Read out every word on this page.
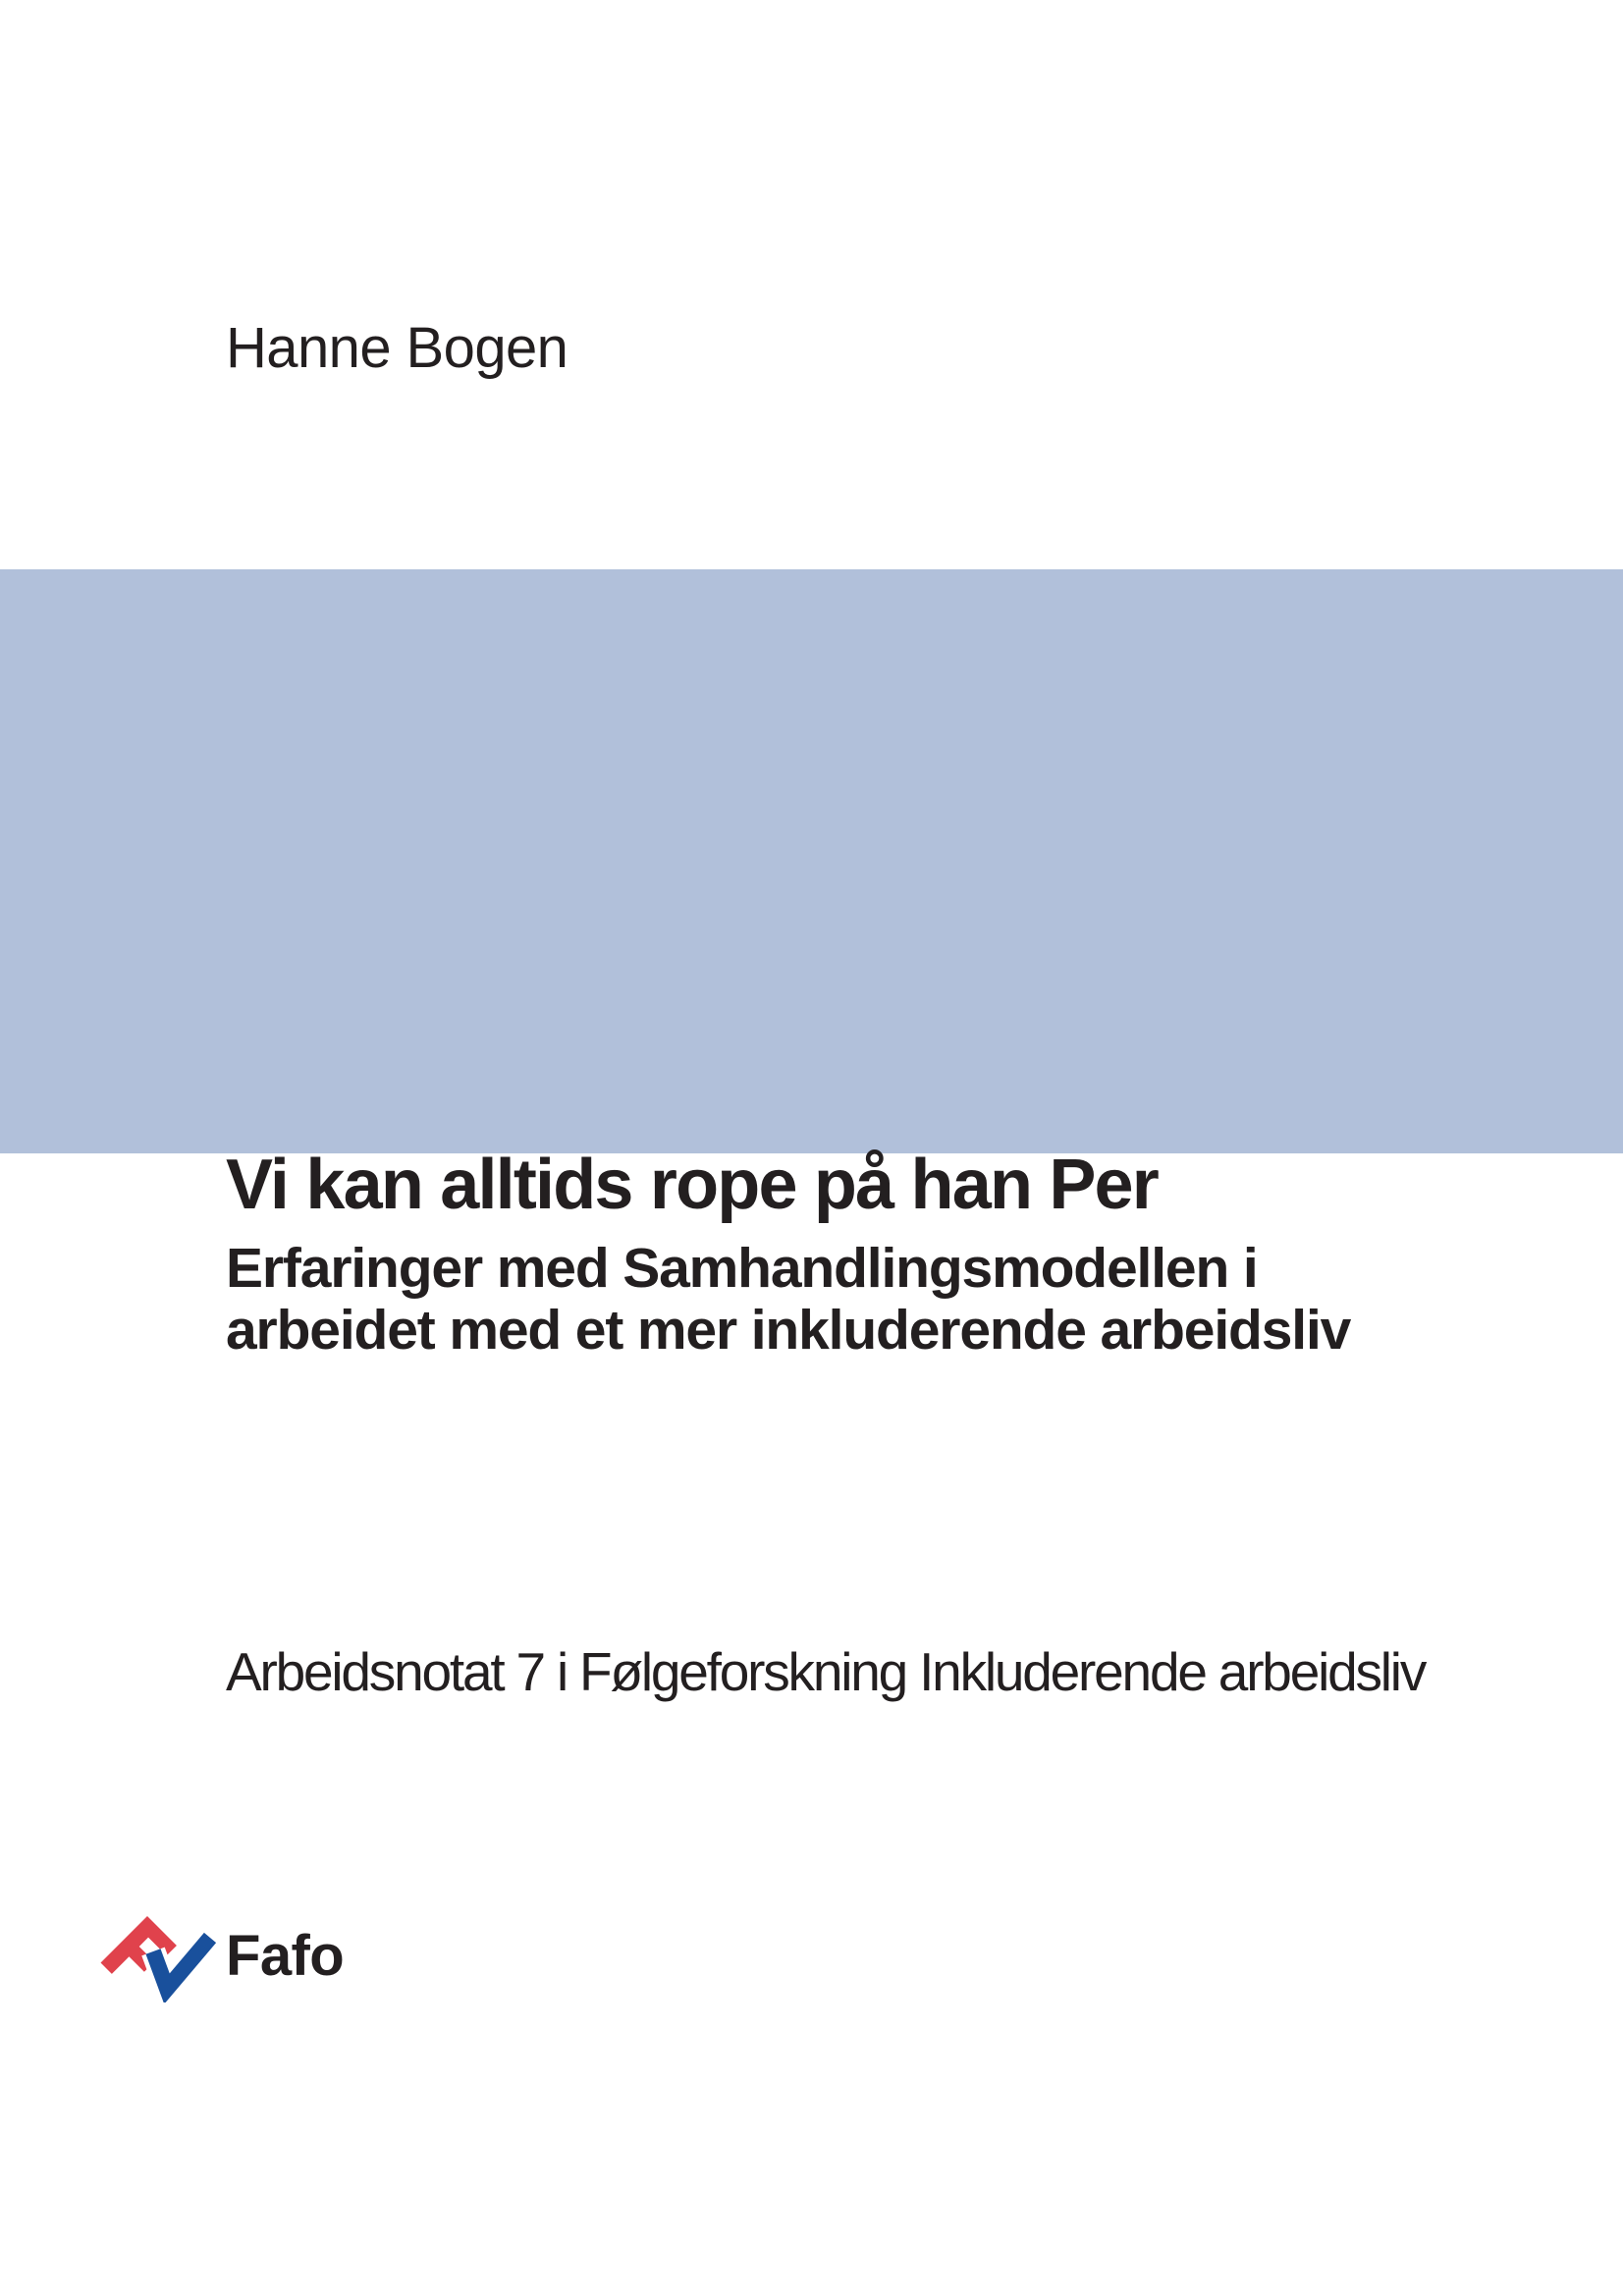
Hanne Bogen
Vi kan alltids rope på han Per
Erfaringer med Samhandlingsmodellen i
arbeidet med et mer inkluderende arbeidsliv
Arbeidsnotat 7 i Følgeforskning Inkluderende arbeidsliv
Fafo
